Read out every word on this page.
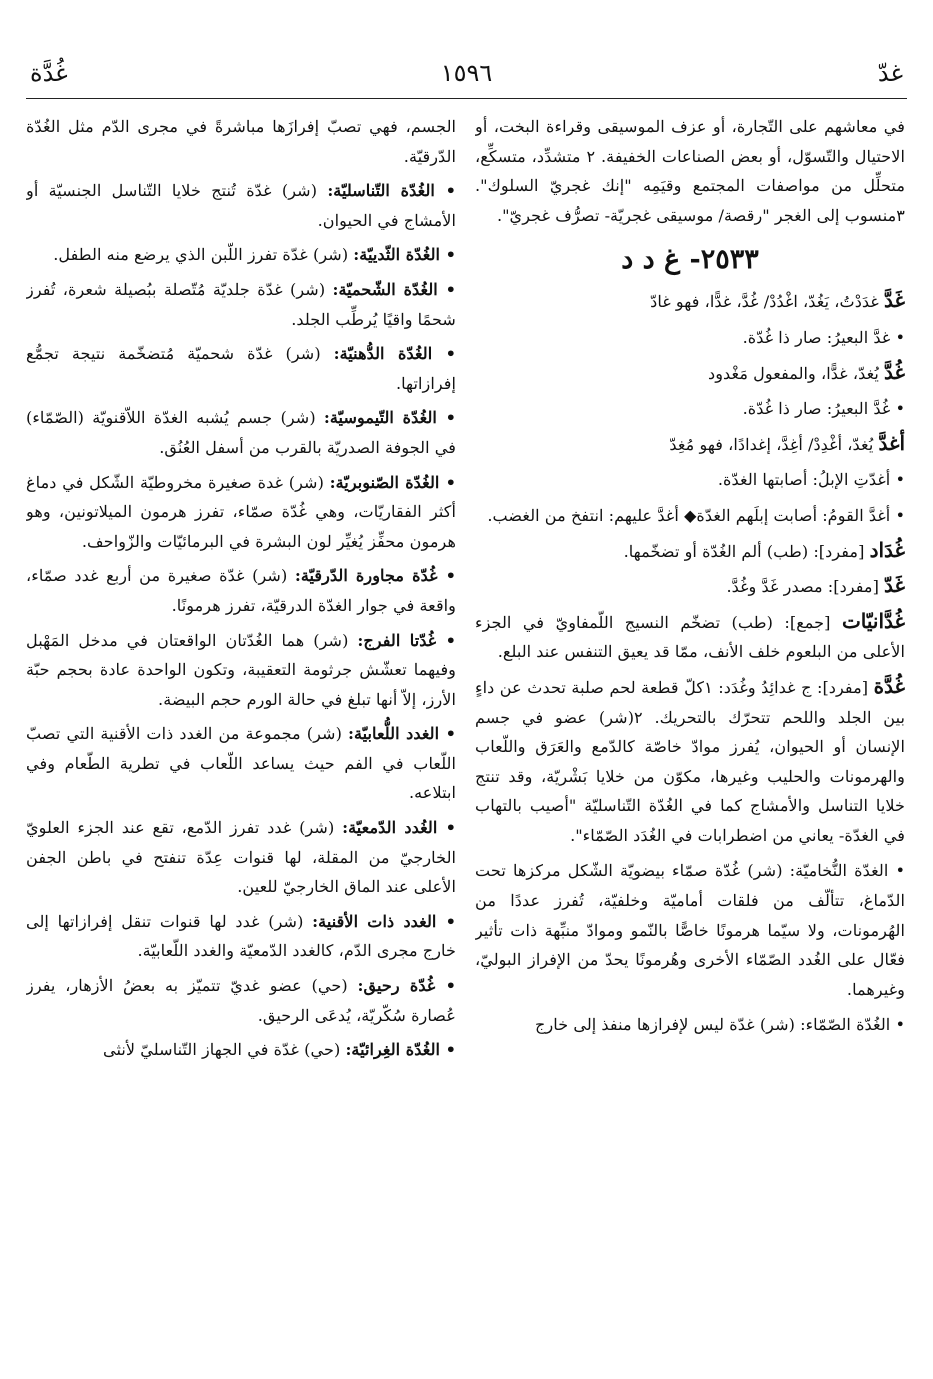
غدّ
١٥٩٦
غُدَّة

في معاشهم على التّجارة، أو عزف الموسيقى وقراءة البخت، أو الاحتيال والتّسوّل، أو بعض الصناعات الخفيفة. ٢ متشدِّد، متسكِّع، متحلِّل من مواصفات المجتمع وقيَمِه "إنك غجريّ السلوك". ٣منسوب إلى الغجر "رقصة/ موسيقى غجريّة- تصرُّف غجريّ".

٢٥٣٣- غ د د

غَدَّ غدَدْتُ، يَغُدّ، اغْدُدْ/ غُدَّ، غدًّا، فهو غادّ

• غدَّ البعيرُ: صار ذا غُدّة.

غُدَّ يُغدّ، غدًّا، والمفعول مَغْدود

• غُدَّ البعيرُ: صار ذا غُدّة.

أغدَّ يُغدّ، أغْدِدْ/ أغِدَّ، إغدادًا، فهو مُغِدّ

• أغدّتِ الإبلُ: أصابتها الغدّة.

• أغدَّ القومُ: أصابت إبلَهم الغدّة◆ أغدَّ عليهم: انتفخ من الغضب.

غُدَاد [مفرد]: (طب) ألم الغُدّة أو تضخّمها.

غَدّ [مفرد]: مصدر غَدَّ وغُدَّ.

غُدَّانيّات [جمع]: (طب) تضخّم النسيج اللّمفاويّ في الجزء الأعلى من البلعوم خلف الأنف، ممّا قد يعيق التنفس عند البلع.

غُدَّة [مفرد]: ج غدائِدُ وغُدَد: ١كلّ قطعة لحم صلبة تحدث عن داءٍ بين الجلد واللحم تتحرّك بالتحريك. ٢(شر) عضو في جسم الإنسان أو الحيوان، يُفرز موادّ خاصّة كالدّمع والعَرَق واللّعاب والهرمونات والحليب وغيرها، مكوّن من خلايا بَشْريّة، وقد تنتج خلايا التناسل والأمشاج كما في الغُدّة التّناسليّة "أصيب بالتهاب في الغدّة- يعاني من اضطرابات في الغُدَد الصّمّاء".

• الغدّة النُّخاميّة: (شر) غُدّة صمّاء بيضويّة الشّكل مركزها تحت الدّماغ، تتألّف من فلقات أماميّة وخلفيّة، تُفرز عددًا من الهُرمونات، ولا سيّما هرمونًا خاصًّا بالنّمو وموادّ منبِّهة ذات تأثير فعّال على الغُدد الصّمّاء الأخرى وهُرمونًا يحدّ من الإفراز البوليّ، وغيرهما.

• الغُدّة الصّمّاء: (شر) غدّة ليس لإفرازها منفذ إلى خارج

الجسم، فهي تصبّ إفرازَها مباشرةً في مجرى الدّم مثل الغُدّة الدّرقيّة.

• الغُدّة التّناسليّة: (شر) غدّة تُنتج خلايا التّناسل الجنسيّة أو الأمشاج في الحيوان.

• الغُدّة الثّدييّة: (شر) غدّة تفرز اللّبن الذي يرضع منه الطفل.

• الغُدّة الشّحميّة: (شر) غدّة جلديّة مُتّصلة ببُصيلة شعرة، تُفرز شحمًا واقيًا يُرطِّب الجلد.

• الغُدّة الدُّهنيّة: (شر) غدّة شحميّة مُتضخّمة نتيجة تجمُّع إفرازاتها.

• الغُدّة التّيموسيّة: (شر) جسم يُشبه الغدّة اللاّقنويّة (الصّمّاء) في الجوفة الصدريّة بالقرب من أسفل العُنُق.

• الغُدّة الصّنوبريّة: (شر) غدة صغيرة مخروطيّة الشّكل في دماغ أكثر الفقاريّات، وهي غُدّة صمّاء، تفرز هرمون الميلاتونين، وهو هرمون محفِّز يُغيِّر لون البشرة في البرمائيّات والزّواحف.

• غُدّة مجاورة الدّرقيّة: (شر) غدّة صغيرة من أربع غدد صمّاء، واقعة في جوار الغدّة الدرقيّة، تفرز هرمونًا.

• غُدّتا الفرج: (شر) هما الغُدّتان الواقعتان في مدخل المَهْبل وفيهما تعشّش جرثومة التعقيبة، وتكون الواحدة عادة بحجم حبّة الأرز، إلاّ أنها تبلغ في حالة الورم حجم البيضة.

• الغدد اللُّعابيّة: (شر) مجموعة من الغدد ذات الأقنية التي تصبّ اللّعاب في الفم حيث يساعد اللّعاب في تطرية الطّعام وفي ابتلاعه.

• الغُدد الدّمعيّة: (شر) غدد تفرز الدّمع، تقع عند الجزء العلويّ الخارجيّ من المقلة، لها قنوات عِدّة تنفتح في باطن الجفن الأعلى عند الماق الخارجيّ للعين.

• الغدد ذات الأقنية: (شر) غدد لها قنوات تنقل إفرازاتها إلى خارج مجرى الدّم، كالغدد الدّمعيّة والغدد اللّعابيّة.

• غُدّة رحيق: (حي) عضو غديّ تتميّز به بعضُ الأزهار، يفرز عُصارة سُكّريّة، يُدعَى الرحيق.

• الغُدّة الغِرائيّة: (حي) غدّة في الجهاز التّناسليّ لأنثى
